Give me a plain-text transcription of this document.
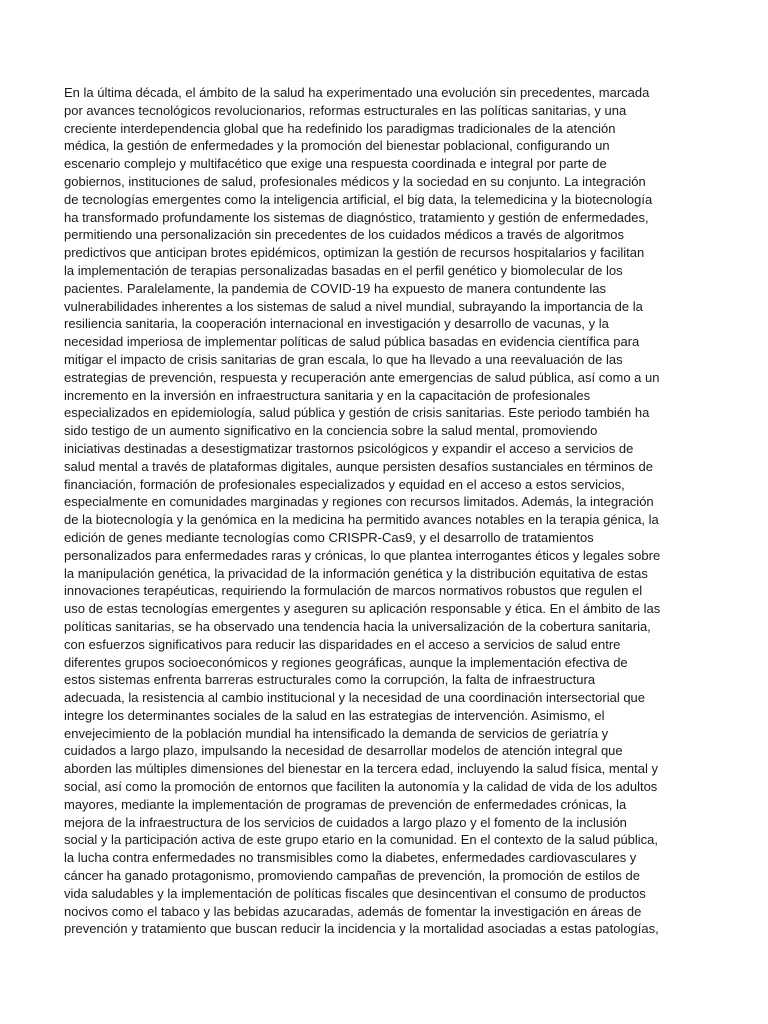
En la última década, el ámbito de la salud ha experimentado una evolución sin precedentes, marcada
por avances tecnológicos revolucionarios, reformas estructurales en las políticas sanitarias, y una
creciente interdependencia global que ha redefinido los paradigmas tradicionales de la atención
médica, la gestión de enfermedades y la promoción del bienestar poblacional, configurando un
escenario complejo y multifacético que exige una respuesta coordinada e integral por parte de
gobiernos, instituciones de salud, profesionales médicos y la sociedad en su conjunto. La integración
de tecnologías emergentes como la inteligencia artificial, el big data, la telemedicina y la biotecnología
ha transformado profundamente los sistemas de diagnóstico, tratamiento y gestión de enfermedades,
permitiendo una personalización sin precedentes de los cuidados médicos a través de algoritmos
predictivos que anticipan brotes epidémicos, optimizan la gestión de recursos hospitalarios y facilitan
la implementación de terapias personalizadas basadas en el perfil genético y biomolecular de los
pacientes. Paralelamente, la pandemia de COVID-19 ha expuesto de manera contundente las
vulnerabilidades inherentes a los sistemas de salud a nivel mundial, subrayando la importancia de la
resiliencia sanitaria, la cooperación internacional en investigación y desarrollo de vacunas, y la
necesidad imperiosa de implementar políticas de salud pública basadas en evidencia científica para
mitigar el impacto de crisis sanitarias de gran escala, lo que ha llevado a una reevaluación de las
estrategias de prevención, respuesta y recuperación ante emergencias de salud pública, así como a un
incremento en la inversión en infraestructura sanitaria y en la capacitación de profesionales
especializados en epidemiología, salud pública y gestión de crisis sanitarias. Este periodo también ha
sido testigo de un aumento significativo en la conciencia sobre la salud mental, promoviendo
iniciativas destinadas a desestigmatizar trastornos psicológicos y expandir el acceso a servicios de
salud mental a través de plataformas digitales, aunque persisten desafíos sustanciales en términos de
financiación, formación de profesionales especializados y equidad en el acceso a estos servicios,
especialmente en comunidades marginadas y regiones con recursos limitados. Además, la integración
de la biotecnología y la genómica en la medicina ha permitido avances notables en la terapia génica, la
edición de genes mediante tecnologías como CRISPR-Cas9, y el desarrollo de tratamientos
personalizados para enfermedades raras y crónicas, lo que plantea interrogantes éticos y legales sobre
la manipulación genética, la privacidad de la información genética y la distribución equitativa de estas
innovaciones terapéuticas, requiriendo la formulación de marcos normativos robustos que regulen el
uso de estas tecnologías emergentes y aseguren su aplicación responsable y ética. En el ámbito de las
políticas sanitarias, se ha observado una tendencia hacia la universalización de la cobertura sanitaria,
con esfuerzos significativos para reducir las disparidades en el acceso a servicios de salud entre
diferentes grupos socioeconómicos y regiones geográficas, aunque la implementación efectiva de
estos sistemas enfrenta barreras estructurales como la corrupción, la falta de infraestructura
adecuada, la resistencia al cambio institucional y la necesidad de una coordinación intersectorial que
integre los determinantes sociales de la salud en las estrategias de intervención. Asimismo, el
envejecimiento de la población mundial ha intensificado la demanda de servicios de geriatría y
cuidados a largo plazo, impulsando la necesidad de desarrollar modelos de atención integral que
aborden las múltiples dimensiones del bienestar en la tercera edad, incluyendo la salud física, mental y
social, así como la promoción de entornos que faciliten la autonomía y la calidad de vida de los adultos
mayores, mediante la implementación de programas de prevención de enfermedades crónicas, la
mejora de la infraestructura de los servicios de cuidados a largo plazo y el fomento de la inclusión
social y la participación activa de este grupo etario en la comunidad. En el contexto de la salud pública,
la lucha contra enfermedades no transmisibles como la diabetes, enfermedades cardiovasculares y
cáncer ha ganado protagonismo, promoviendo campañas de prevención, la promoción de estilos de
vida saludables y la implementación de políticas fiscales que desincentivan el consumo de productos
nocivos como el tabaco y las bebidas azucaradas, además de fomentar la investigación en áreas de
prevención y tratamiento que buscan reducir la incidencia y la mortalidad asociadas a estas patologías,
